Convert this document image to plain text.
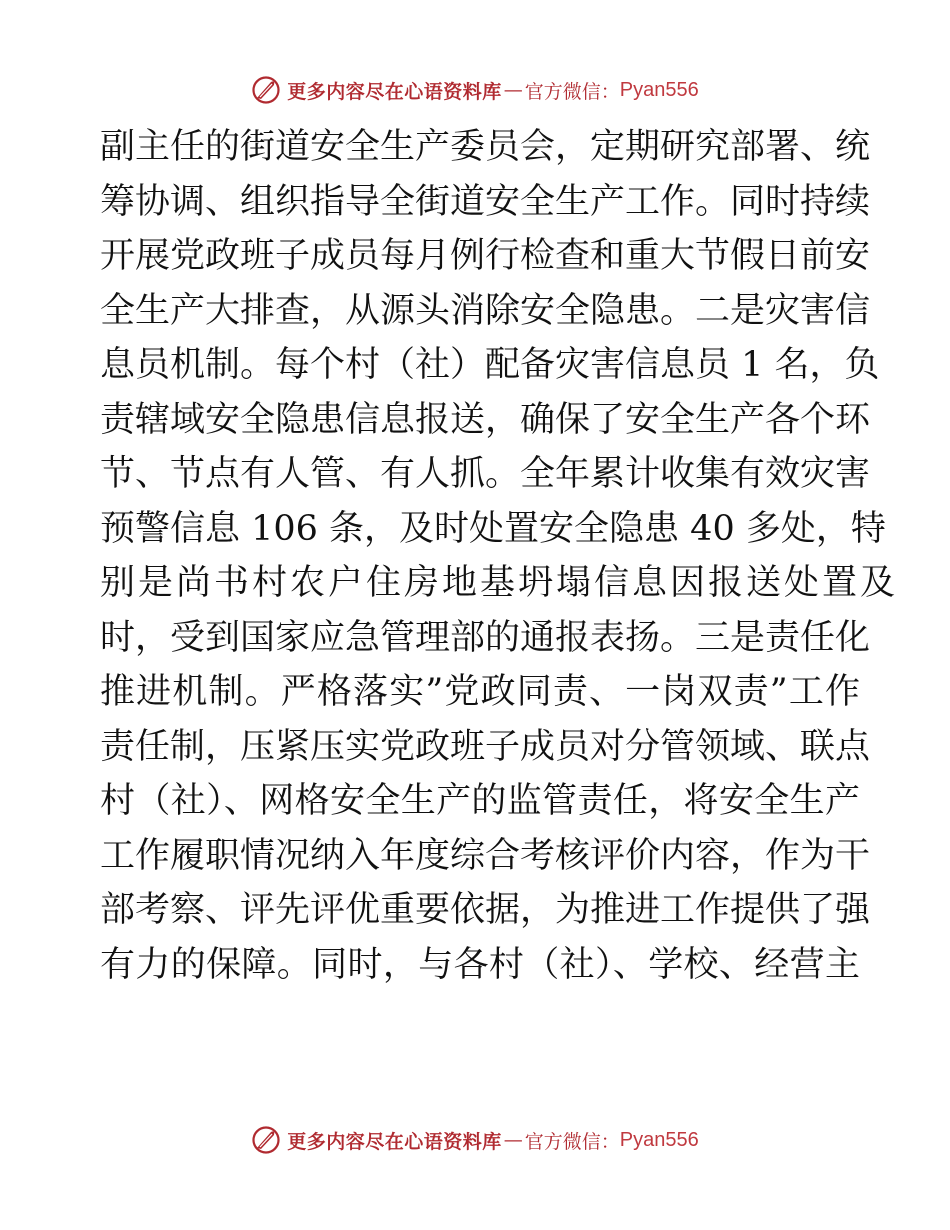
更多内容尽在心语资料库 — 官方微信： Pyan556
副主任的街道安全生产委员会，定期研究部署、统
筹协调、组织指导全街道安全生产工作。同时持续
开展党政班子成员每月例行检查和重大节假日前安
全生产大排查，从源头消除安全隐患。二是灾害信
息员机制。每个村（社）配备灾害信息员 1 名，负
责辖域安全隐患信息报送，确保了安全生产各个环
节、节点有人管、有人抓。全年累计收集有效灾害
预警信息 106 条，及时处置安全隐患 40 多处，特
别是尚书村农户住房地基坍塌信息因报送处置及
时，受到国家应急管理部的通报表扬。三是责任化
推进机制。严格落实”党政同责、一岗双责”工作
责任制，压紧压实党政班子成员对分管领域、联点
村（社）、网格安全生产的监管责任，将安全生产
工作履职情况纳入年度综合考核评价内容，作为干
部考察、评先评优重要依据，为推进工作提供了强
有力的保障。同时，与各村（社）、学校、经营主
更多内容尽在心语资料库 — 官方微信： Pyan556
